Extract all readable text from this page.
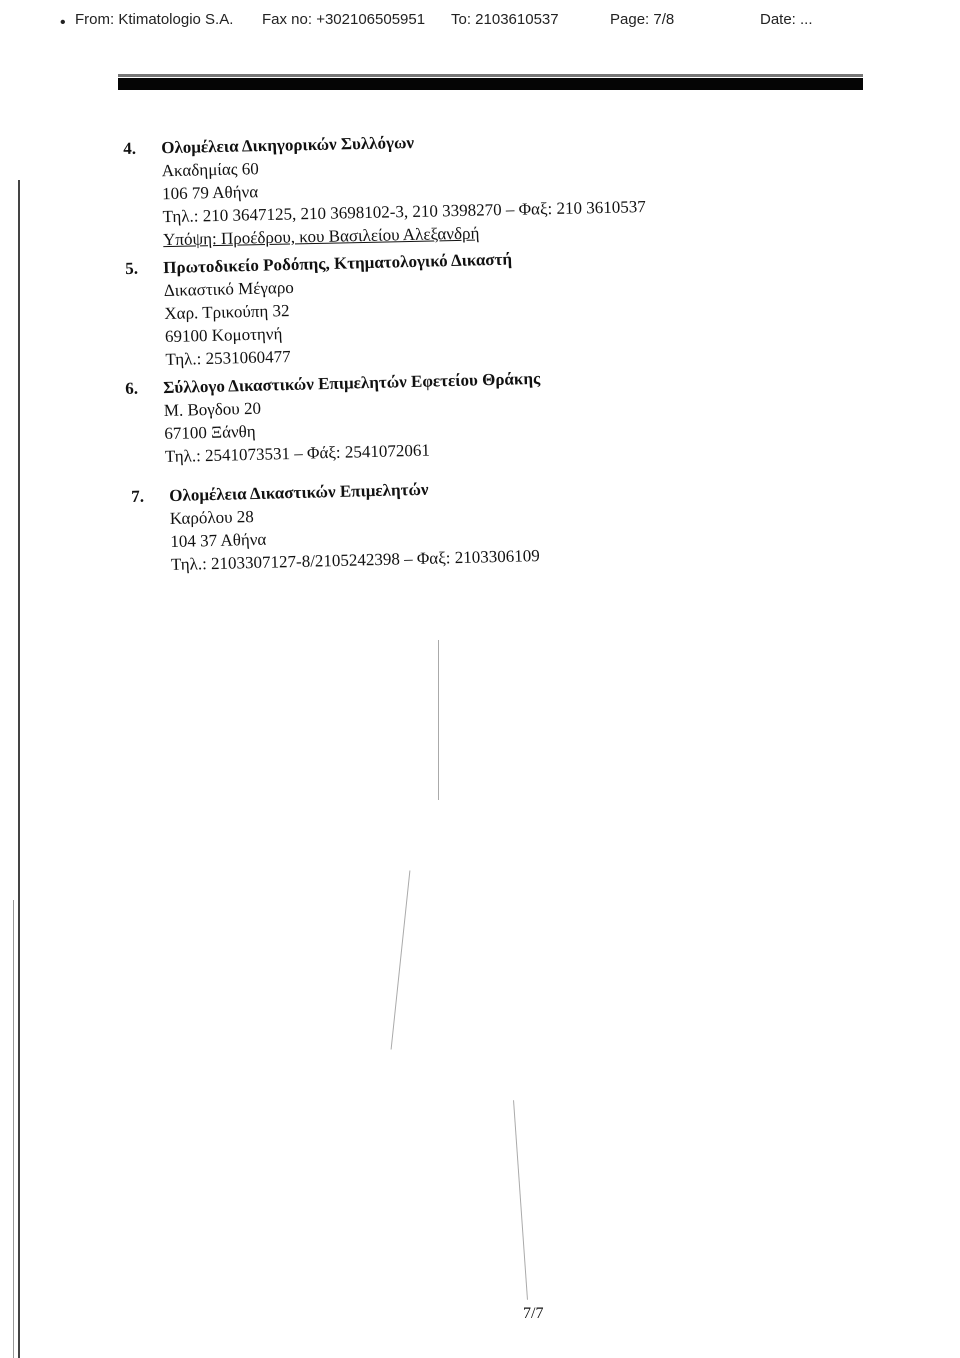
• From: Ktimatologio S.A. Fax no: +302106505951 To: 2103610537	Page: 7/8	Date: ...
4. Ολομέλεια Δικηγορικών Συλλόγων
Ακαδημίας 60
106 79 Αθήνα
Τηλ.: 210 3647125, 210 3698102-3, 210 3398270 – Φαξ: 210 3610537
Υπόψη: Προέδρου, κου Βασιλείου Αλεξανδρή
5. Πρωτοδικείο Ροδόπης, Κτηματολογικό Δικαστή
Δικαστικό Μέγαρο
Χαρ. Τρικούπη 32
69100 Κομοτηνή
Τηλ.: 2531060477
6. Σύλλογο Δικαστικών Επιμελητών Εφετείου Θράκης
Μ. Βογδου 20
67100 Ξάνθη
Τηλ.: 2541073531 – Φάξ: 2541072061
7. Ολομέλεια Δικαστικών Επιμελητών
Καρόλου 28
104 37 Αθήνα
Τηλ.: 2103307127-8/2105242398 – Φαξ: 2103306109
7/7
